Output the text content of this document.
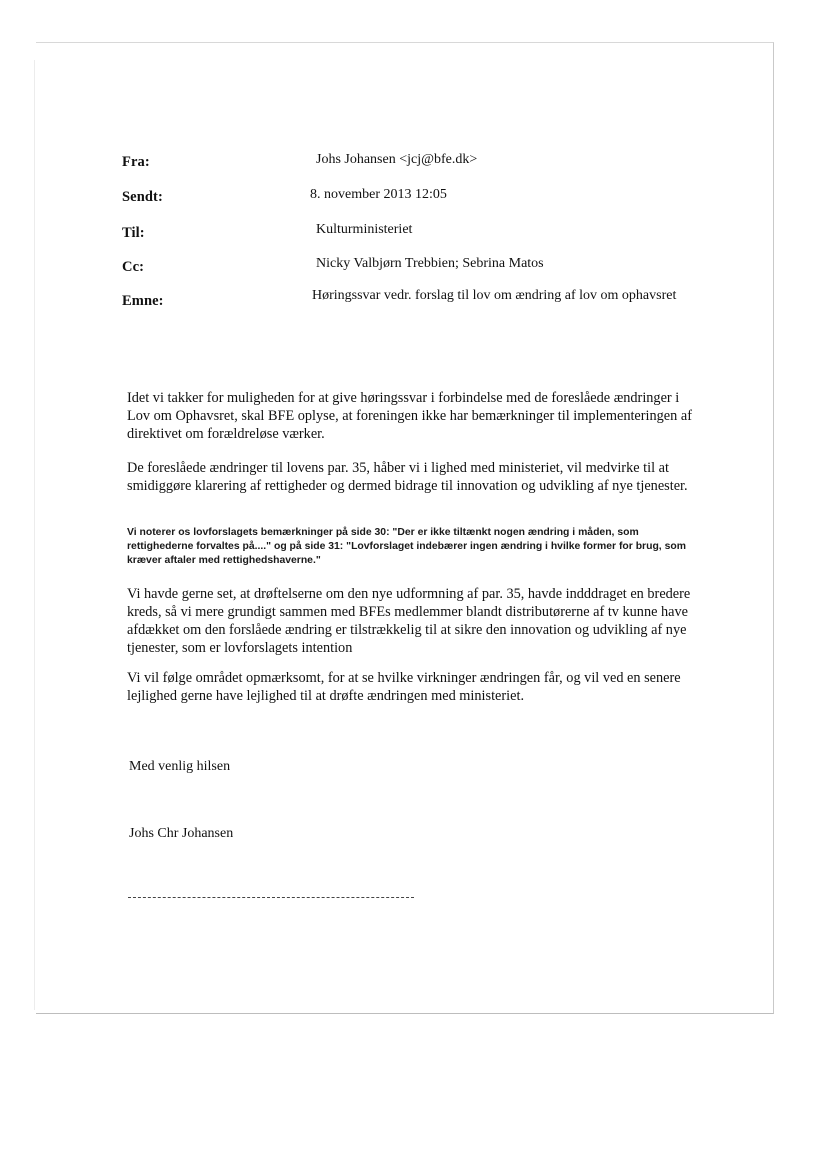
Fra:	Johs Johansen <jcj@bfe.dk>
Sendt:	8. november 2013 12:05
Til:	Kulturministeriet
Cc:	Nicky Valbjørn Trebbien; Sebrina Matos
Emne:	Høringssvar vedr. forslag til lov om ændring af lov om ophavsret

Idet vi takker for muligheden for at give høringssvar i forbindelse med de foreslåede ændringer i Lov om Ophavsret, skal BFE oplyse, at foreningen ikke har bemærkninger til implementeringen af direktivet om forældreløse værker.

De foreslåede ændringer til lovens par. 35, håber vi i lighed med ministeriet, vil medvirke til at smidiggøre klarering af rettigheder og dermed bidrage til innovation og udvikling af nye tjenester.

Vi noterer os lovforslagets bemærkninger på side 30: "Der er ikke tiltænkt nogen ændring i måden, som rettighederne forvaltes på...." og på side 31: "Lovforslaget indebærer ingen ændring i hvilke former for brug, som kræver aftaler med rettighedshaverne."

Vi havde gerne set, at drøftelserne om den nye udformning af par. 35, havde indddraget en bredere kreds, så vi mere grundigt sammen med BFEs medlemmer blandt distributørerne af tv kunne have afdækket om den forslåede ændring er tilstrækkelig til at sikre den innovation og udvikling af nye tjenester, som er lovforslagets intention

Vi vil følge området opmærksomt, for at se hvilke virkninger ændringen får, og vil ved en senere lejlighed gerne have lejlighed til at drøfte ændringen med ministeriet.

Med venlig hilsen
Johs Chr Johansen
